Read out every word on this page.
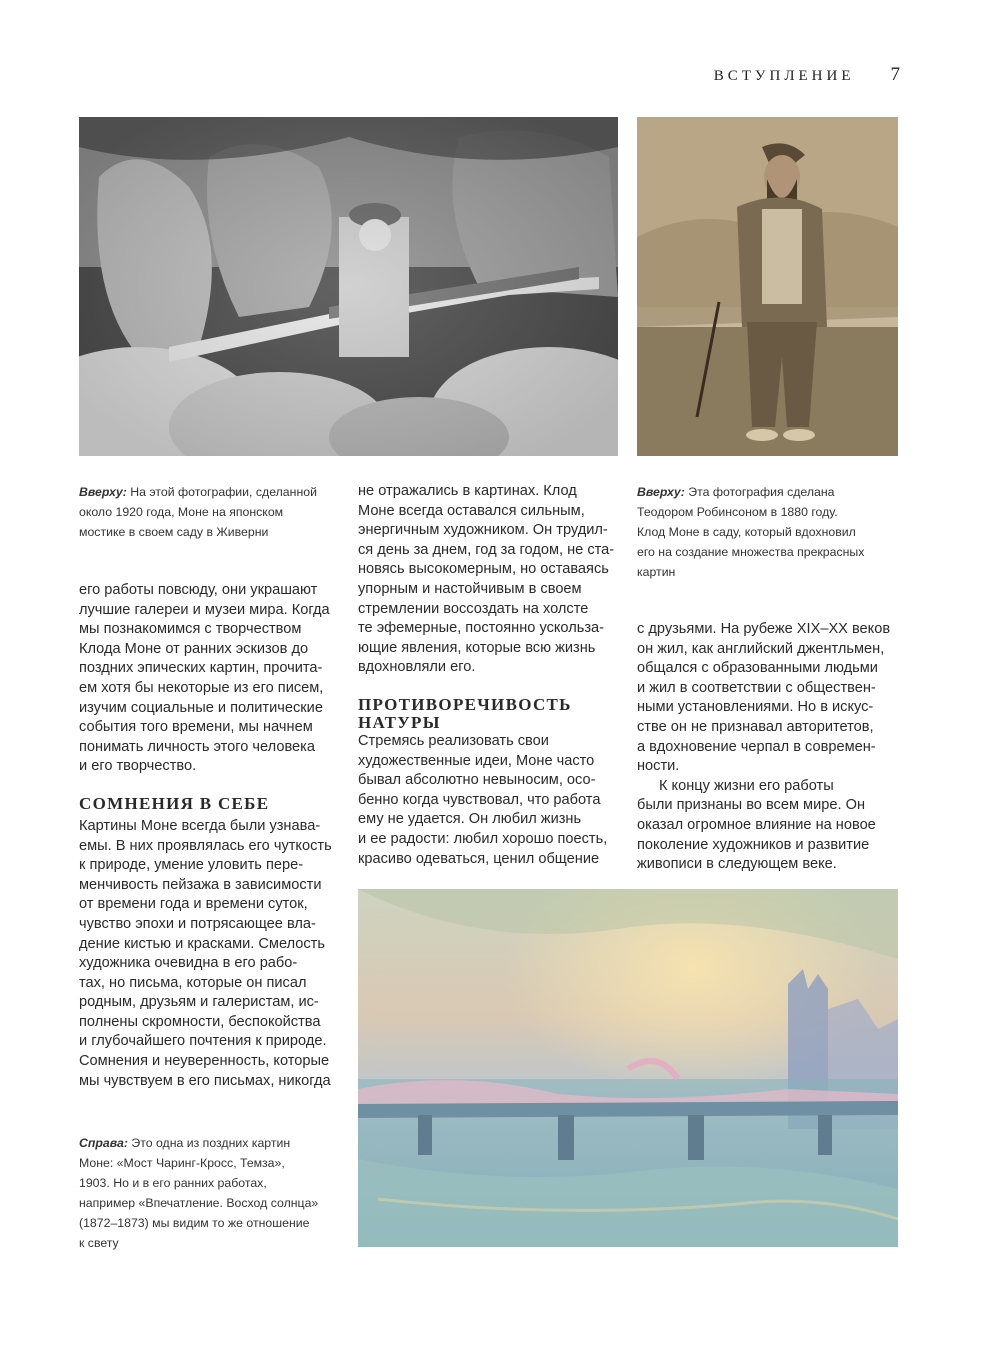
ВСТУПЛЕНИЕ 7
Вверху: На этой фотографии, сделанной
около 1920 года, Моне на японском
мостике в своем саду в Живерни
Вверху: Эта фотография сделана
Теодором Робинсоном в 1880 году.
Клод Моне в саду, который вдохновил
его на создание множества прекрасных
картин

его работы повсюду, они украшают
лучшие галереи и музеи мира. Когда
мы познакомимся с творчеством
Клода Моне от ранних эскизов до
поздних эпических картин, прочита-
ем хотя бы некоторые из его писем,
изучим социальные и политические
события того времени, мы начнем
понимать личность этого человека
и его творчество.

СОМНЕНИЯ В СЕБЕ

Картины Моне всегда были узнава-
емы. В них проявлялась его чуткость
к природе, умение уловить пере-
менчивость пейзажа в зависимости
от времени года и времени суток,
чувство эпохи и потрясающее вла-
дение кистью и красками. Смелость
художника очевидна в его рабо-
тах, но письма, которые он писал
родным, друзьям и галеристам, ис-
полнены скромности, беспокойства
и глубочайшего почтения к природе.
Сомнения и неуверенность, которые
мы чувствуем в его письмах, никогда

не отражались в картинах. Клод
Моне всегда оставался сильным,
энергичным художником. Он трудил-
ся день за днем, год за годом, не ста-
новясь высокомерным, но оставаясь
упорным и настойчивым в своем
стремлении воссоздать на холсте
те эфемерные, постоянно ускольза-
ющие явления, которые всю жизнь
вдохновляли его.

ПРОТИВОРЕЧИВОСТЬ
НАТУРЫ

Стремясь реализовать свои
художественные идеи, Моне часто
бывал абсолютно невыносим, осо-
бенно когда чувствовал, что работа
ему не удается. Он любил жизнь
и ее радости: любил хорошо поесть,
красиво одеваться, ценил общение

с друзьями. На рубеже XIX–XX веков
он жил, как английский джентльмен,
общался с образованными людьми
и жил в соответствии с обществен-
ными установлениями. Но в искус-
стве он не признавал авторитетов,
а вдохновение черпал в современ-
ности.

К концу жизни его работы
были признаны во всем мире. Он
оказал огромное влияние на новое
поколение художников и развитие
живописи в следующем веке.

Справа: Это одна из поздних картин
Моне: «Мост Чаринг-Кросс, Темза»,
1903. Но и в его ранних работах,
например «Впечатление. Восход солнца»
(1872–1873) мы видим то же отношение
к свету
